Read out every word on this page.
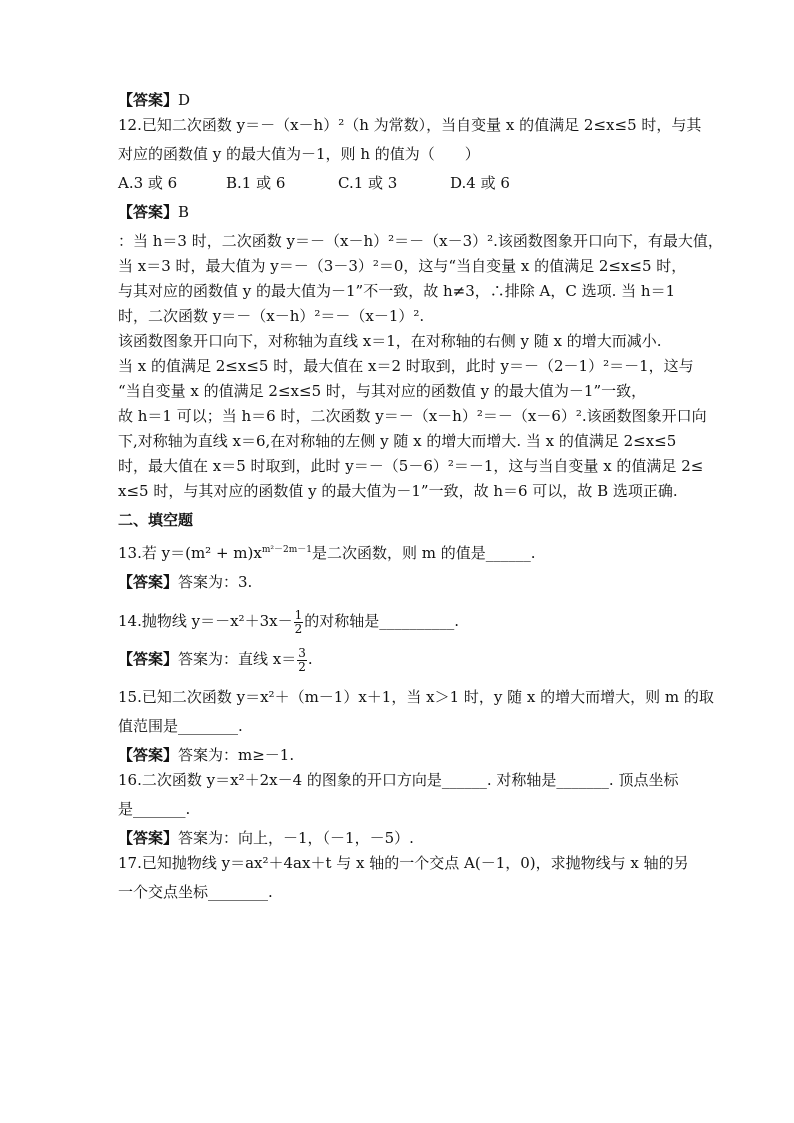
【答案】D
12.已知二次函数 y＝－（x－h）²（h 为常数），当自变量 x 的值满足 2≤x≤5 时，与其
对应的函数值 y 的最大值为－1，则 h 的值为（　　）
A.3 或 6	B.1 或 6	C.1 或 3	D.4 或 6
【答案】B
：当 h＝3 时，二次函数 y＝－（x－h）²＝－（x－3）².该函数图象开口向下，有最大值，
当 x＝3 时，最大值为 y＝－（3－3）²＝0，这与“当自变量 x 的值满足 2≤x≤5 时，
与其对应的函数值 y 的最大值为－1”不一致，故 h≠3，∴排除 A，C 选项. 当 h＝1
时，二次函数 y＝－（x－h）²＝－（x－1）².
该函数图象开口向下，对称轴为直线 x＝1，在对称轴的右侧 y 随 x 的增大而减小.
当 x 的值满足 2≤x≤5 时，最大值在 x＝2 时取到，此时 y＝－（2－1）²＝－1，这与
“当自变量 x 的值满足 2≤x≤5 时，与其对应的函数值 y 的最大值为－1”一致，
故 h＝1 可以；当 h＝6 时，二次函数 y＝－（x－h）²＝－（x－6）².该函数图象开口向
下,对称轴为直线 x＝6,在对称轴的左侧 y 随 x 的增大而增大. 当 x 的值满足 2≤x≤5
时，最大值在 x＝5 时取到，此时 y＝－（5－6）²＝－1，这与当自变量 x 的值满足 2≤
x≤5 时，与其对应的函数值 y 的最大值为－1”一致，故 h＝6 可以，故 B 选项正确.
二、填空题
13.若 $y=(m^2 + m)x^{m^2-2m-1}$是二次函数，则 m 的值是______.
【答案】答案为：3.
14.抛物线 $y=-x^2+3x- \frac{1}{2}$ 的对称轴是__________.
【答案】答案为：直线 $x= \frac{3}{2}$ .
15.已知二次函数 y＝x²＋（m－1）x＋1，当 x＞1 时，y 随 x 的增大而增大，则 m 的取
值范围是________.
【答案】答案为：m≥－1.
16.二次函数 y＝x²＋2x－4 的图象的开口方向是______. 对称轴是_______. 顶点坐标
是_______.
【答案】答案为：向上，－1，（－1，－5）.
17.已知抛物线 y＝ax²＋4ax＋t 与 x 轴的一个交点 A(－1，0)，求抛物线与 x 轴的另
一个交点坐标________.
